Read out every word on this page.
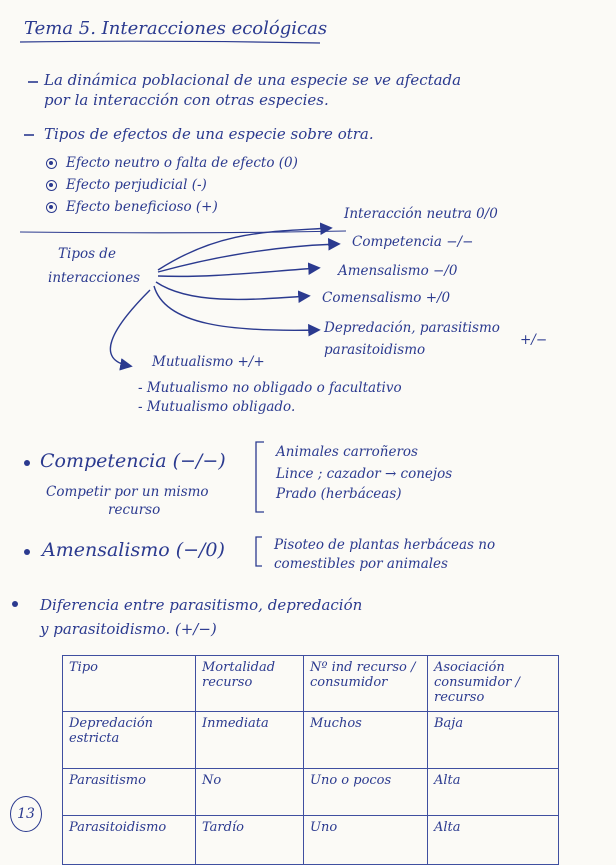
Tema 5. Interacciones ecológicas
La dinámica poblacional de una especie se ve afectada
por la interacción con otras especies.
Tipos de efectos de una especie sobre otra.
Efecto neutro o falta de efecto (0)
Efecto perjudicial (-)
Efecto beneficioso (+)
Tipos de
interacciones
Interacción neutra 0/0
Competencia −/−
Amensalismo −/0
Comensalismo +/0
Depredación, parasitismo
parasitoidismo
+/−
Mutualismo +/+
- Mutualismo no obligado o facultativo
- Mutualismo obligado.
Competencia (−/−)
Competir por un mismo
recurso
Animales carroñeros
Lince ; cazador → conejos
Prado (herbáceas)
Amensalismo (−/0)	Pisoteo de plantas herbáceas no
comestibles por animales
Diferencia entre parasitismo, depredación
y parasitoidismo. (+/−)
Tipo	Mortalidad recurso	Nº ind recurso / consumidor	Asociación consumidor / recurso
Depredación estricta	Inmediata	Muchos	Baja
Parasitismo	No	Uno o pocos	Alta
Parasitoidismo	Tardío	Uno	Alta
13
